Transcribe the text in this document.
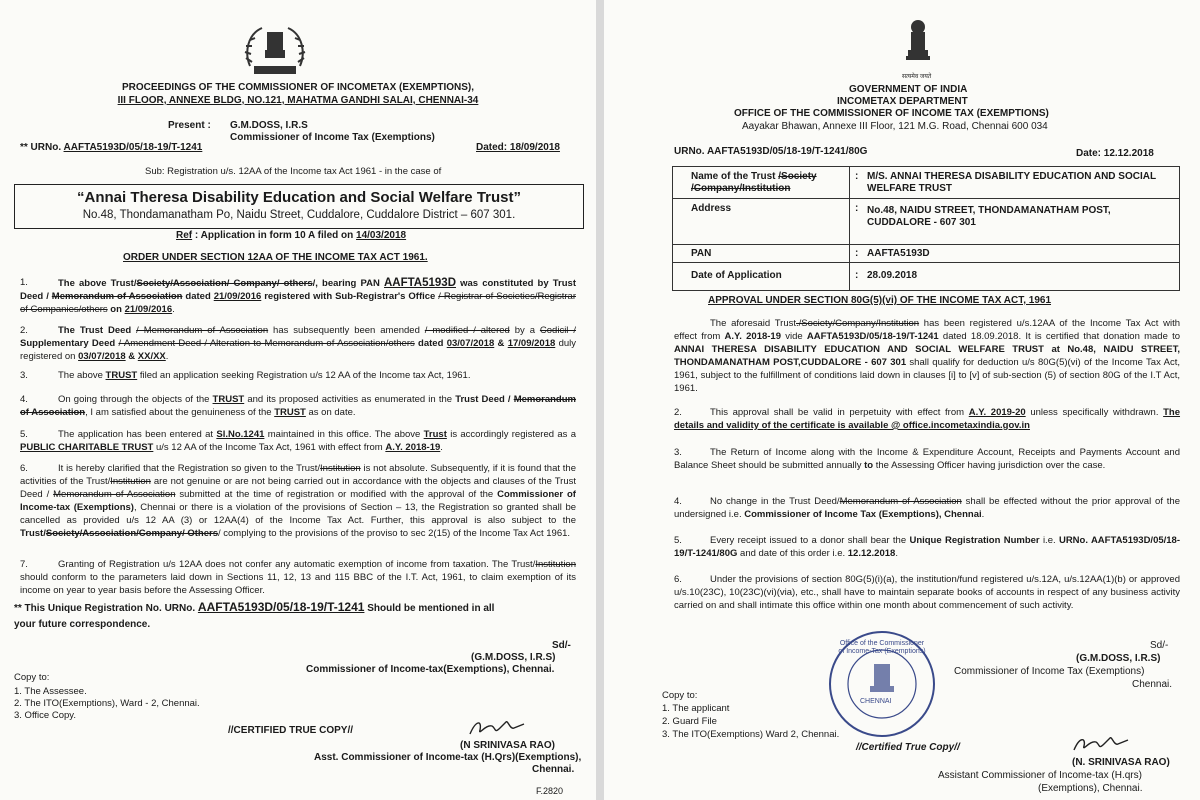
PROCEEDINGS OF THE COMMISSIONER OF INCOMETAX (EXEMPTIONS),
III FLOOR, ANNEXE BLDG, NO.121, MAHATMA GANDHI SALAI, CHENNAI-34
Present : G.M.DOSS, I.R.S
Commissioner of Income Tax (Exemptions)
** URNo. AAFTA5193D/05/18-19/T-1241	Dated: 18/09/2018
Sub: Registration u/s. 12AA of the Income tax Act 1961 - in the case of
“Annai Theresa Disability Education and Social Welfare Trust”
No.48, Thondamanatham Po, Naidu Street, Cuddalore, Cuddalore District – 607 301.
Ref : Application in form 10 A filed on 14/03/2018
ORDER UNDER SECTION 12AA OF THE INCOME TAX ACT 1961.
1.	The above Trust/Society/Association/ Company/ others/, bearing PAN AAFTA5193D was constituted by Trust Deed / Memorandum of Association dated 21/09/2016 registered with Sub-Registrar's Office / Registrar of Societies/Registrar of Companies/others on 21/09/2016.
2.	The Trust Deed / Memorandum of Association has subsequently been amended / modified / altered by a Codicil / Supplementary Deed / Amendment Deed / Alteration to Memorandum of Association/others dated 03/07/2018 & 17/09/2018 duly registered on 03/07/2018 & XX/XX.
3.	The above TRUST filed an application seeking Registration u/s 12 AA of the Income tax Act, 1961.
4.	On going through the objects of the TRUST and its proposed activities as enumerated in the Trust Deed / Memorandum of Association, I am satisfied about the genuineness of the TRUST as on date.
5.	The application has been entered at Sl.No.1241 maintained in this office. The above Trust is accordingly registered as a PUBLIC CHARITABLE TRUST u/s 12 AA of the Income Tax Act, 1961 with effect from A.Y. 2018-19.
6.	It is hereby clarified that the Registration so given to the Trust/Institution is not absolute. Subsequently, if it is found that the activities of the Trust/Institution are not genuine or are not being carried out in accordance with the objects and clauses of the Trust Deed / Memorandum of Association submitted at the time of registration or modified with the approval of the Commissioner of Income-tax (Exemptions), Chennai or there is a violation of the provisions of Section – 13, the Registration so granted shall be cancelled as provided u/s 12 AA (3) or 12AA(4) of the Income Tax Act. Further, this approval is also subject to the Trust/Society/Association/Company/ Others/ complying to the provisions of the proviso to sec 2(15) of the Income Tax Act 1961.
7.	Granting of Registration u/s 12AA does not confer any automatic exemption of income from taxation. The Trust/Institution should conform to the parameters laid down in Sections 11, 12, 13 and 115 BBC of the I.T. Act, 1961, to claim exemption of its income on year to year basis before the Assessing Officer.
** This Unique Registration No. URNo. AAFTA5193D/05/18-19/T-1241 Should be mentioned in all
your future correspondence.
Sd/-
(G.M.DOSS, I.R.S)
Commissioner of Income-tax(Exemptions), Chennai.
Copy to:
1. The Assessee.
2. The ITO(Exemptions), Ward - 2, Chennai.
3. Office Copy.
//CERTIFIED TRUE COPY//
(N SRINIVASA RAO)
Asst. Commissioner of Income-tax (H.Qrs)(Exemptions),
Chennai.
F.2820
सत्यमेव जयते
GOVERNMENT OF INDIA
INCOMETAX DEPARTMENT
OFFICE OF THE COMMISSIONER OF INCOME TAX (EXEMPTIONS)
Aayakar Bhawan, Annexe III Floor, 121 M.G. Road, Chennai 600 034
URNo. AAFTA5193D/05/18-19/T-1241/80G	Date: 12.12.2018
Name of the Trust /Society
/Company/Institution
: M/S. ANNAI THERESA DISABILITY EDUCATION AND SOCIAL WELFARE TRUST
Address	: No.48, NAIDU STREET, THONDAMANATHAM POST, CUDDALORE - 607 301
PAN	: AAFTA5193D
Date of Application	: 28.09.2018
APPROVAL UNDER SECTION 80G(5)(vi) OF THE INCOME TAX ACT, 1961
The aforesaid Trust./Society/Company/Institution has been registered u/s.12AA of the Income Tax Act with effect from A.Y. 2018-19 vide AAFTA5193D/05/18-19/T-1241 dated 18.09.2018. It is certified that donation made to ANNAI THERESA DISABILITY EDUCATION AND SOCIAL WELFARE TRUST at No.48, NAIDU STREET, THONDAMANATHAM POST,CUDDALORE - 607 301 shall qualify for deduction u/s 80G(5)(vi) of the Income Tax Act, 1961, subject to the fulfillment of conditions laid down in clauses [i] to [v] of sub-section (5) of section 80G of the I.T Act, 1961.
2.	This approval shall be valid in perpetuity with effect from A.Y. 2019-20 unless specifically withdrawn. The details and validity of the certificate is available @ office.incometaxindia.gov.in
3.	The Return of Income along with the Income & Expenditure Account, Receipts and Payments Account and Balance Sheet should be submitted annually to the Assessing Officer having jurisdiction over the case.
4.	No change in the Trust Deed/Memorandum of Association shall be effected without the prior approval of the undersigned i.e. Commissioner of Income Tax (Exemptions), Chennai.
5.	Every receipt issued to a donor shall bear the Unique Registration Number i.e. URNo. AAFTA5193D/05/18-19/T-1241/80G and date of this order i.e. 12.12.2018.
6.	Under the provisions of section 80G(5)(i)(a), the institution/fund registered u/s.12A, u/s.12AA(1)(b) or approved u/s.10(23C), 10(23C)(vi)(via), etc., shall have to maintain separate books of accounts in respect of any business activity carried on and shall intimate this office within one month about commencement of such activity.
Office of the Commissioner of Income-Tax (Exemptions)
CHENNAI
Sd/-
(G.M.DOSS, I.R.S)
Commissioner of Income Tax (Exemptions)
Chennai.
Copy to:
1. The applicant
2. Guard File
3. The ITO(Exemptions) Ward 2, Chennai.
//Certified True Copy//
(N. SRINIVASA RAO)
Assistant Commissioner of Income-tax (H.qrs)
(Exemptions), Chennai.
